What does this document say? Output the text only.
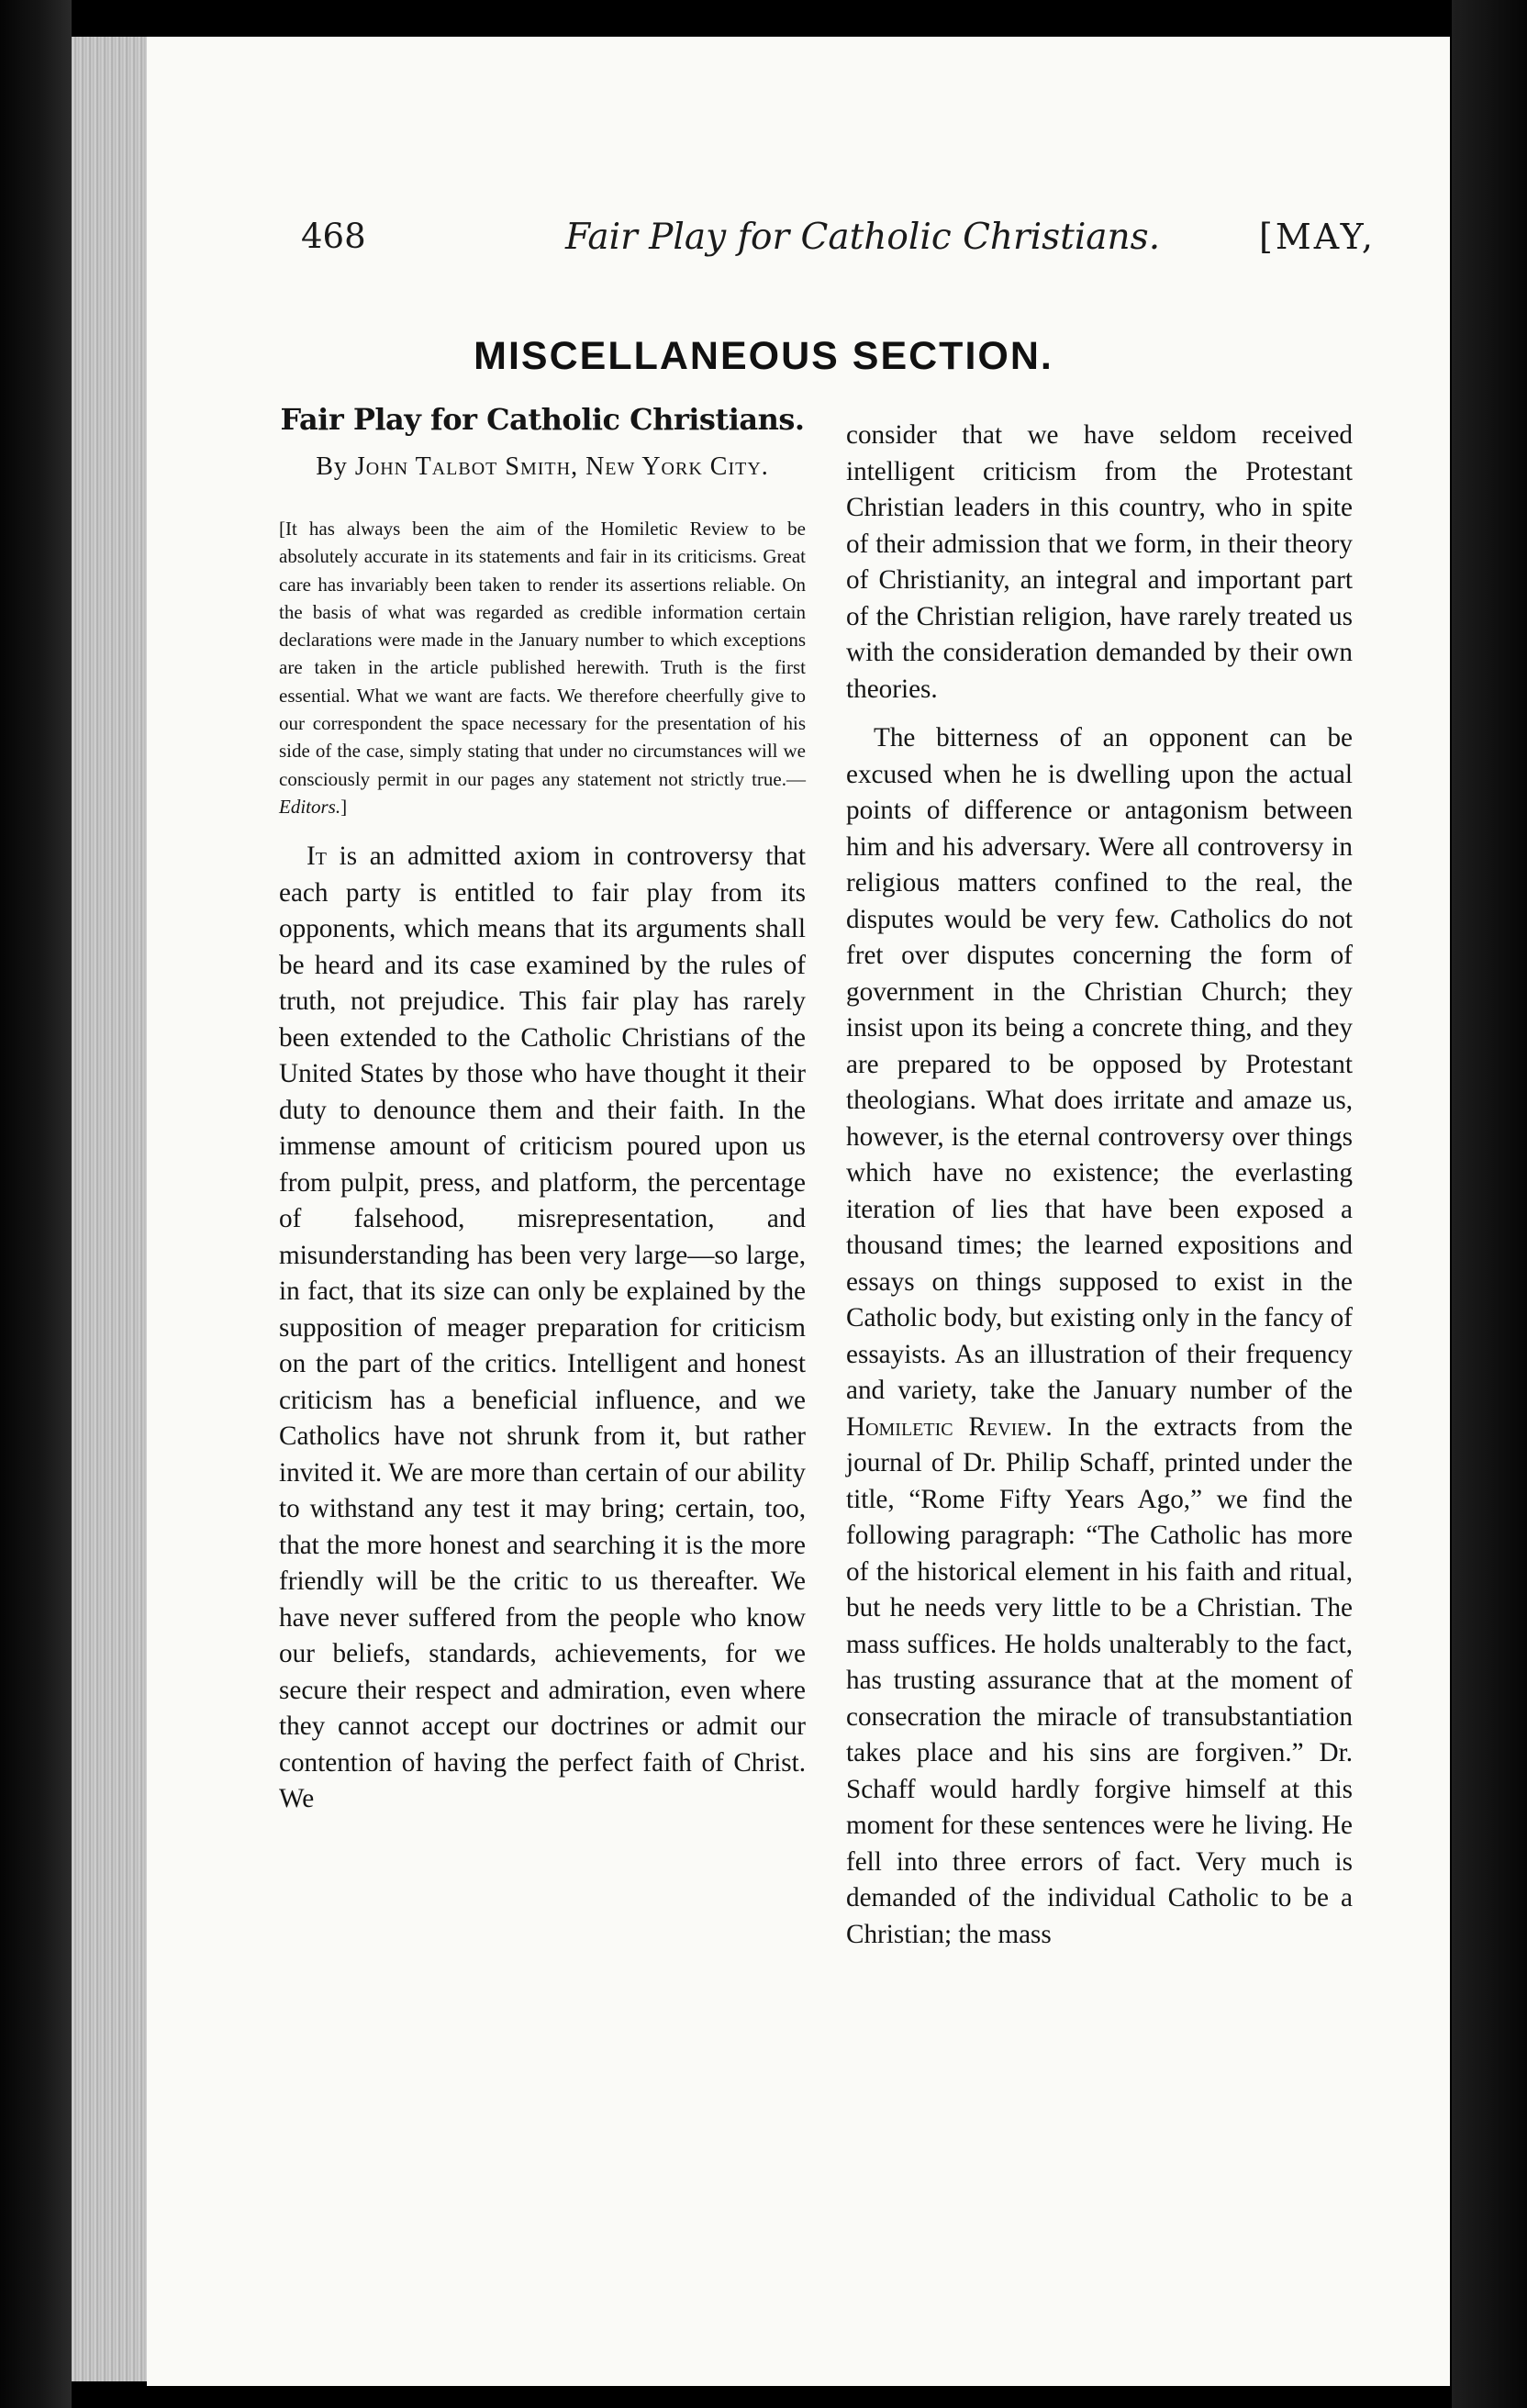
468	Fair Play for Catholic Christians.	[MAY,
MISCELLANEOUS SECTION.
Fair Play for Catholic Christians.
By John Talbot Smith, New York City.
[It has always been the aim of the Homiletic Review to be absolutely accurate in its statements and fair in its criticisms. Great care has invariably been taken to render its assertions reliable. On the basis of what was regarded as credible information certain declarations were made in the January number to which exceptions are taken in the article published herewith. Truth is the first essential. What we want are facts. We therefore cheerfully give to our correspondent the space necessary for the presentation of his side of the case, simply stating that under no circumstances will we consciously permit in our pages any statement not strictly true.—Editors.]
It is an admitted axiom in controversy that each party is entitled to fair play from its opponents, which means that its arguments shall be heard and its case examined by the rules of truth, not prejudice. This fair play has rarely been extended to the Catholic Christians of the United States by those who have thought it their duty to denounce them and their faith. In the immense amount of criticism poured upon us from pulpit, press, and platform, the percentage of falsehood, misrepresentation, and misunderstanding has been very large—so large, in fact, that its size can only be explained by the supposition of meager preparation for criticism on the part of the critics. Intelligent and honest criticism has a beneficial influence, and we Catholics have not shrunk from it, but rather invited it. We are more than certain of our ability to withstand any test it may bring; certain, too, that the more honest and searching it is the more friendly will be the critic to us thereafter. We have never suffered from the people who know our beliefs, standards, achievements, for we secure their respect and admiration, even where they cannot accept our doctrines or admit our contention of having the perfect faith of Christ. We
consider that we have seldom received intelligent criticism from the Protestant Christian leaders in this country, who in spite of their admission that we form, in their theory of Christianity, an integral and important part of the Christian religion, have rarely treated us with the consideration demanded by their own theories.
The bitterness of an opponent can be excused when he is dwelling upon the actual points of difference or antagonism between him and his adversary. Were all controversy in religious matters confined to the real, the disputes would be very few. Catholics do not fret over disputes concerning the form of government in the Christian Church; they insist upon its being a concrete thing, and they are prepared to be opposed by Protestant theologians. What does irritate and amaze us, however, is the eternal controversy over things which have no existence; the everlasting iteration of lies that have been exposed a thousand times; the learned expositions and essays on things supposed to exist in the Catholic body, but existing only in the fancy of essayists. As an illustration of their frequency and variety, take the January number of the Homiletic Review. In the extracts from the journal of Dr. Philip Schaff, printed under the title, “Rome Fifty Years Ago,” we find the following paragraph: “The Catholic has more of the historical element in his faith and ritual, but he needs very little to be a Christian. The mass suffices. He holds unalterably to the fact, has trusting assurance that at the moment of consecration the miracle of transubstantiation takes place and his sins are forgiven.” Dr. Schaff would hardly forgive himself at this moment for these sentences were he living. He fell into three errors of fact. Very much is demanded of the individual Catholic to be a Christian; the mass
